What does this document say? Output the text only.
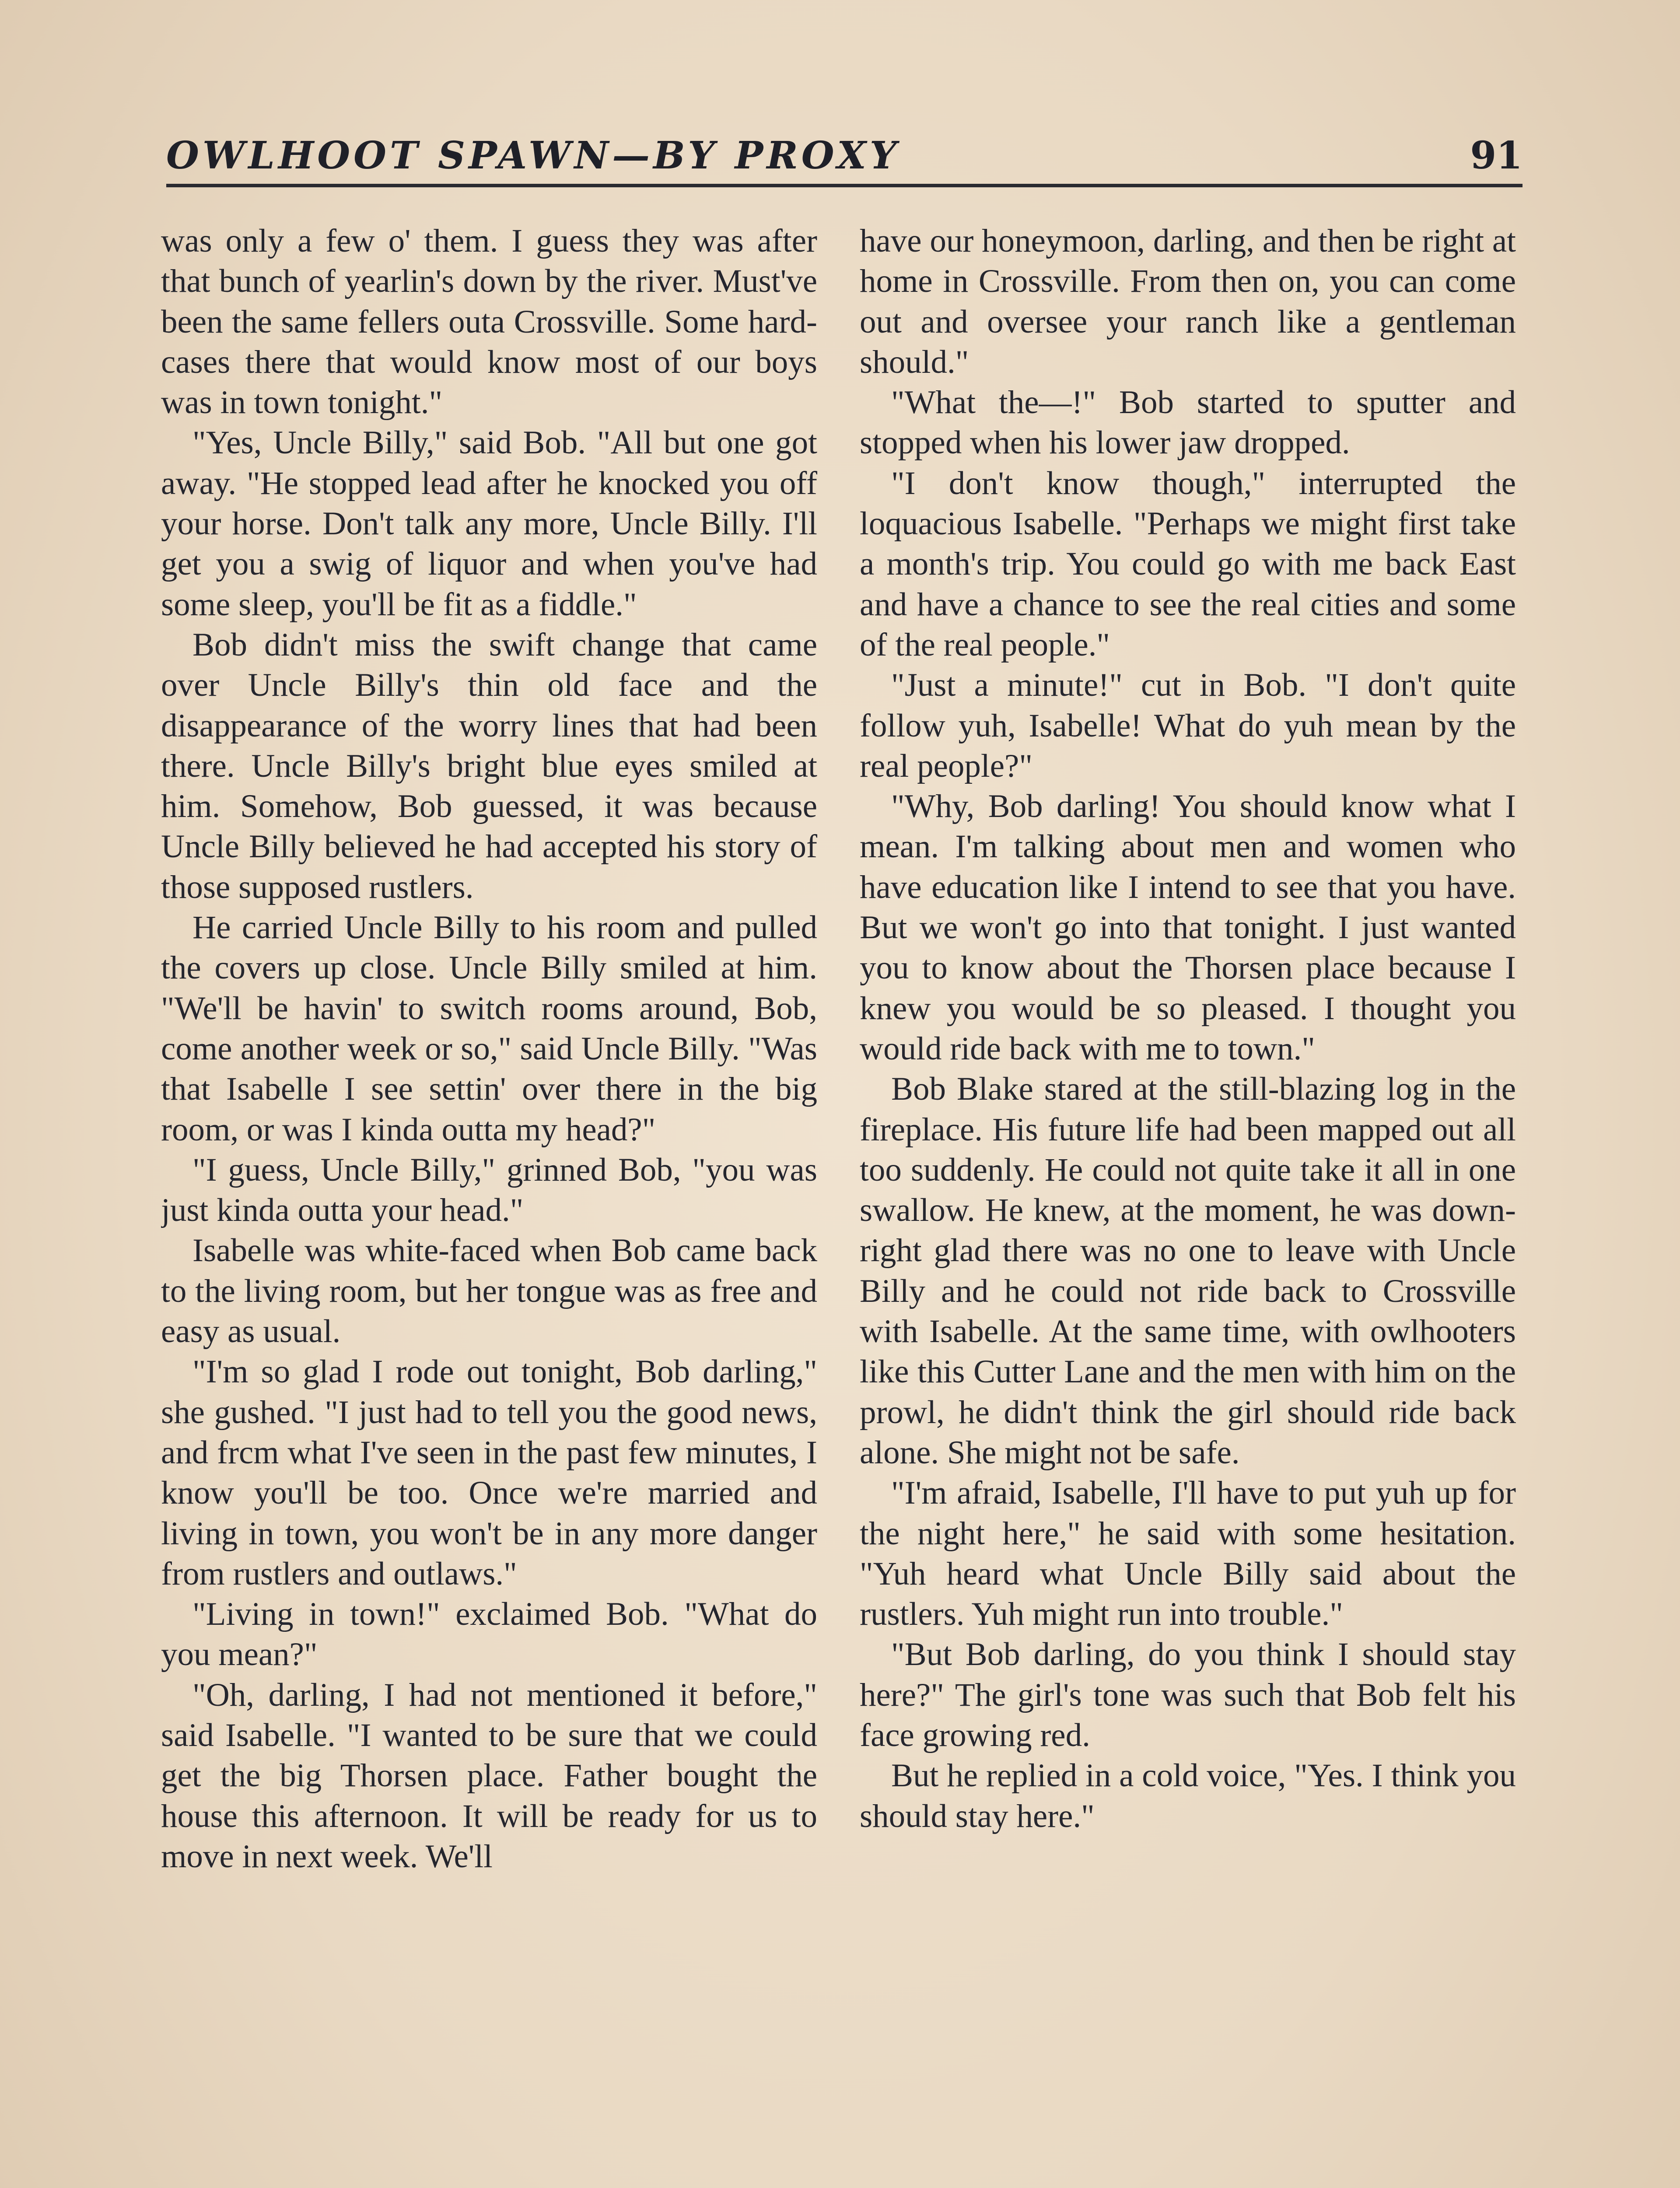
OWLHOOT SPAWN—BY PROXY	91

was only a few o' them. I guess they was after that bunch of yearlin's down by the river. Must've been the same fellers outa Crossville. Some hard-cases there that would know most of our boys was in town tonight."

"Yes, Uncle Billy," said Bob. "All but one got away. "He stopped lead after he knocked you off your horse. Don't talk any more, Uncle Billy. I'll get you a swig of liquor and when you've had some sleep, you'll be fit as a fiddle."

Bob didn't miss the swift change that came over Uncle Billy's thin old face and the disappearance of the worry lines that had been there. Uncle Billy's bright blue eyes smiled at him. Somehow, Bob guessed, it was because Uncle Billy believed he had accepted his story of those supposed rustlers.

He carried Uncle Billy to his room and pulled the covers up close. Uncle Billy smiled at him. "We'll be havin' to switch rooms around, Bob, come another week or so," said Uncle Billy. "Was that Isabelle I see settin' over there in the big room, or was I kinda outta my head?"

"I guess, Uncle Billy," grinned Bob, "you was just kinda outta your head."

Isabelle was white-faced when Bob came back to the living room, but her tongue was as free and easy as usual.

"I'm so glad I rode out tonight, Bob darling," she gushed. "I just had to tell you the good news, and frcm what I've seen in the past few minutes, I know you'll be too. Once we're married and living in town, you won't be in any more danger from rustlers and outlaws."

"Living in town!" exclaimed Bob. "What do you mean?"

"Oh, darling, I had not mentioned it before," said Isabelle. "I wanted to be sure that we could get the big Thorsen place. Father bought the house this afternoon. It will be ready for us to move in next week. We'll

have our honeymoon, darling, and then be right at home in Crossville. From then on, you can come out and oversee your ranch like a gentleman should."

"What the—!" Bob started to sputter and stopped when his lower jaw dropped.

"I don't know though," interrupted the loquacious Isabelle. "Perhaps we might first take a month's trip. You could go with me back East and have a chance to see the real cities and some of the real people."

"Just a minute!" cut in Bob. "I don't quite follow yuh, Isabelle! What do yuh mean by the real people?"

"Why, Bob darling! You should know what I mean. I'm talking about men and women who have education like I intend to see that you have. But we won't go into that tonight. I just wanted you to know about the Thorsen place because I knew you would be so pleased. I thought you would ride back with me to town."

Bob Blake stared at the still-blazing log in the fireplace. His future life had been mapped out all too suddenly. He could not quite take it all in one swallow. He knew, at the moment, he was down-right glad there was no one to leave with Uncle Billy and he could not ride back to Crossville with Isabelle. At the same time, with owlhooters like this Cutter Lane and the men with him on the prowl, he didn't think the girl should ride back alone. She might not be safe.

"I'm afraid, Isabelle, I'll have to put yuh up for the night here," he said with some hesitation. "Yuh heard what Uncle Billy said about the rustlers. Yuh might run into trouble."

"But Bob darling, do you think I should stay here?" The girl's tone was such that Bob felt his face growing red.

But he replied in a cold voice, "Yes. I think you should stay here."
